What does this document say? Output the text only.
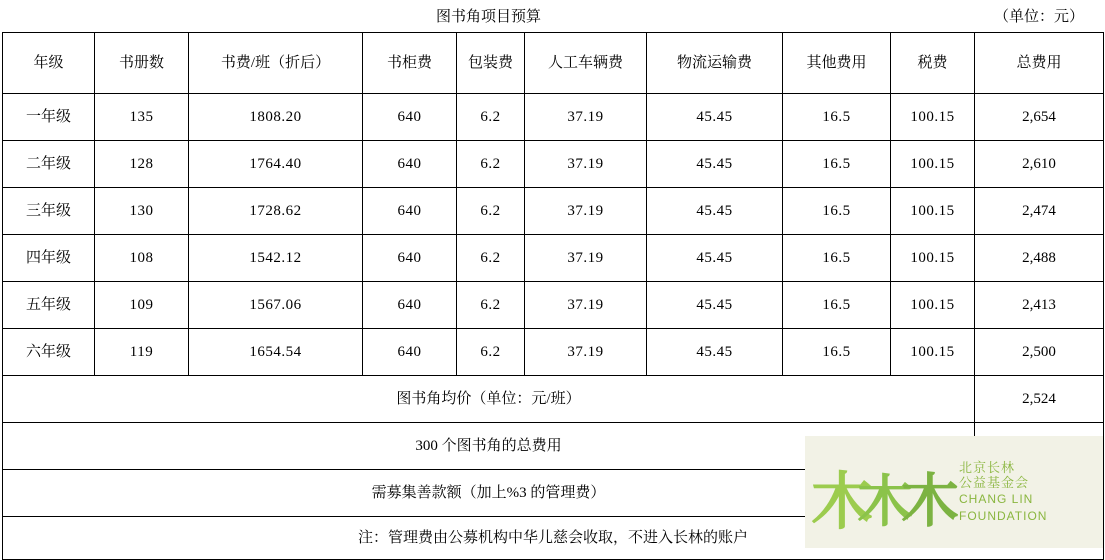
图书角项目预算									（单位：元）
年级	书册数	书费/班（折后）	书柜费	包装费	人工车辆费	物流运输费	其他费用	税费	总费用
一年级	135	1808.20	640	6.2	37.19	45.45	16.5	100.15	2,654
二年级	128	1764.40	640	6.2	37.19	45.45	16.5	100.15	2,610
三年级	130	1728.62	640	6.2	37.19	45.45	16.5	100.15	2,474
四年级	108	1542.12	640	6.2	37.19	45.45	16.5	100.15	2,488
五年级	109	1567.06	640	6.2	37.19	45.45	16.5	100.15	2,413
六年级	119	1654.54	640	6.2	37.19	45.45	16.5	100.15	2,500
图书角均价（单位：元/班）									2,524
300 个图书角的总费用	
需募集善款额（加上%3 的管理费）									
注：管理费由公募机构中华儿慈会收取，不进入长林的账户									木
木
木 北京长林
公益基金会
CHANG LIN
FOUNDATION
